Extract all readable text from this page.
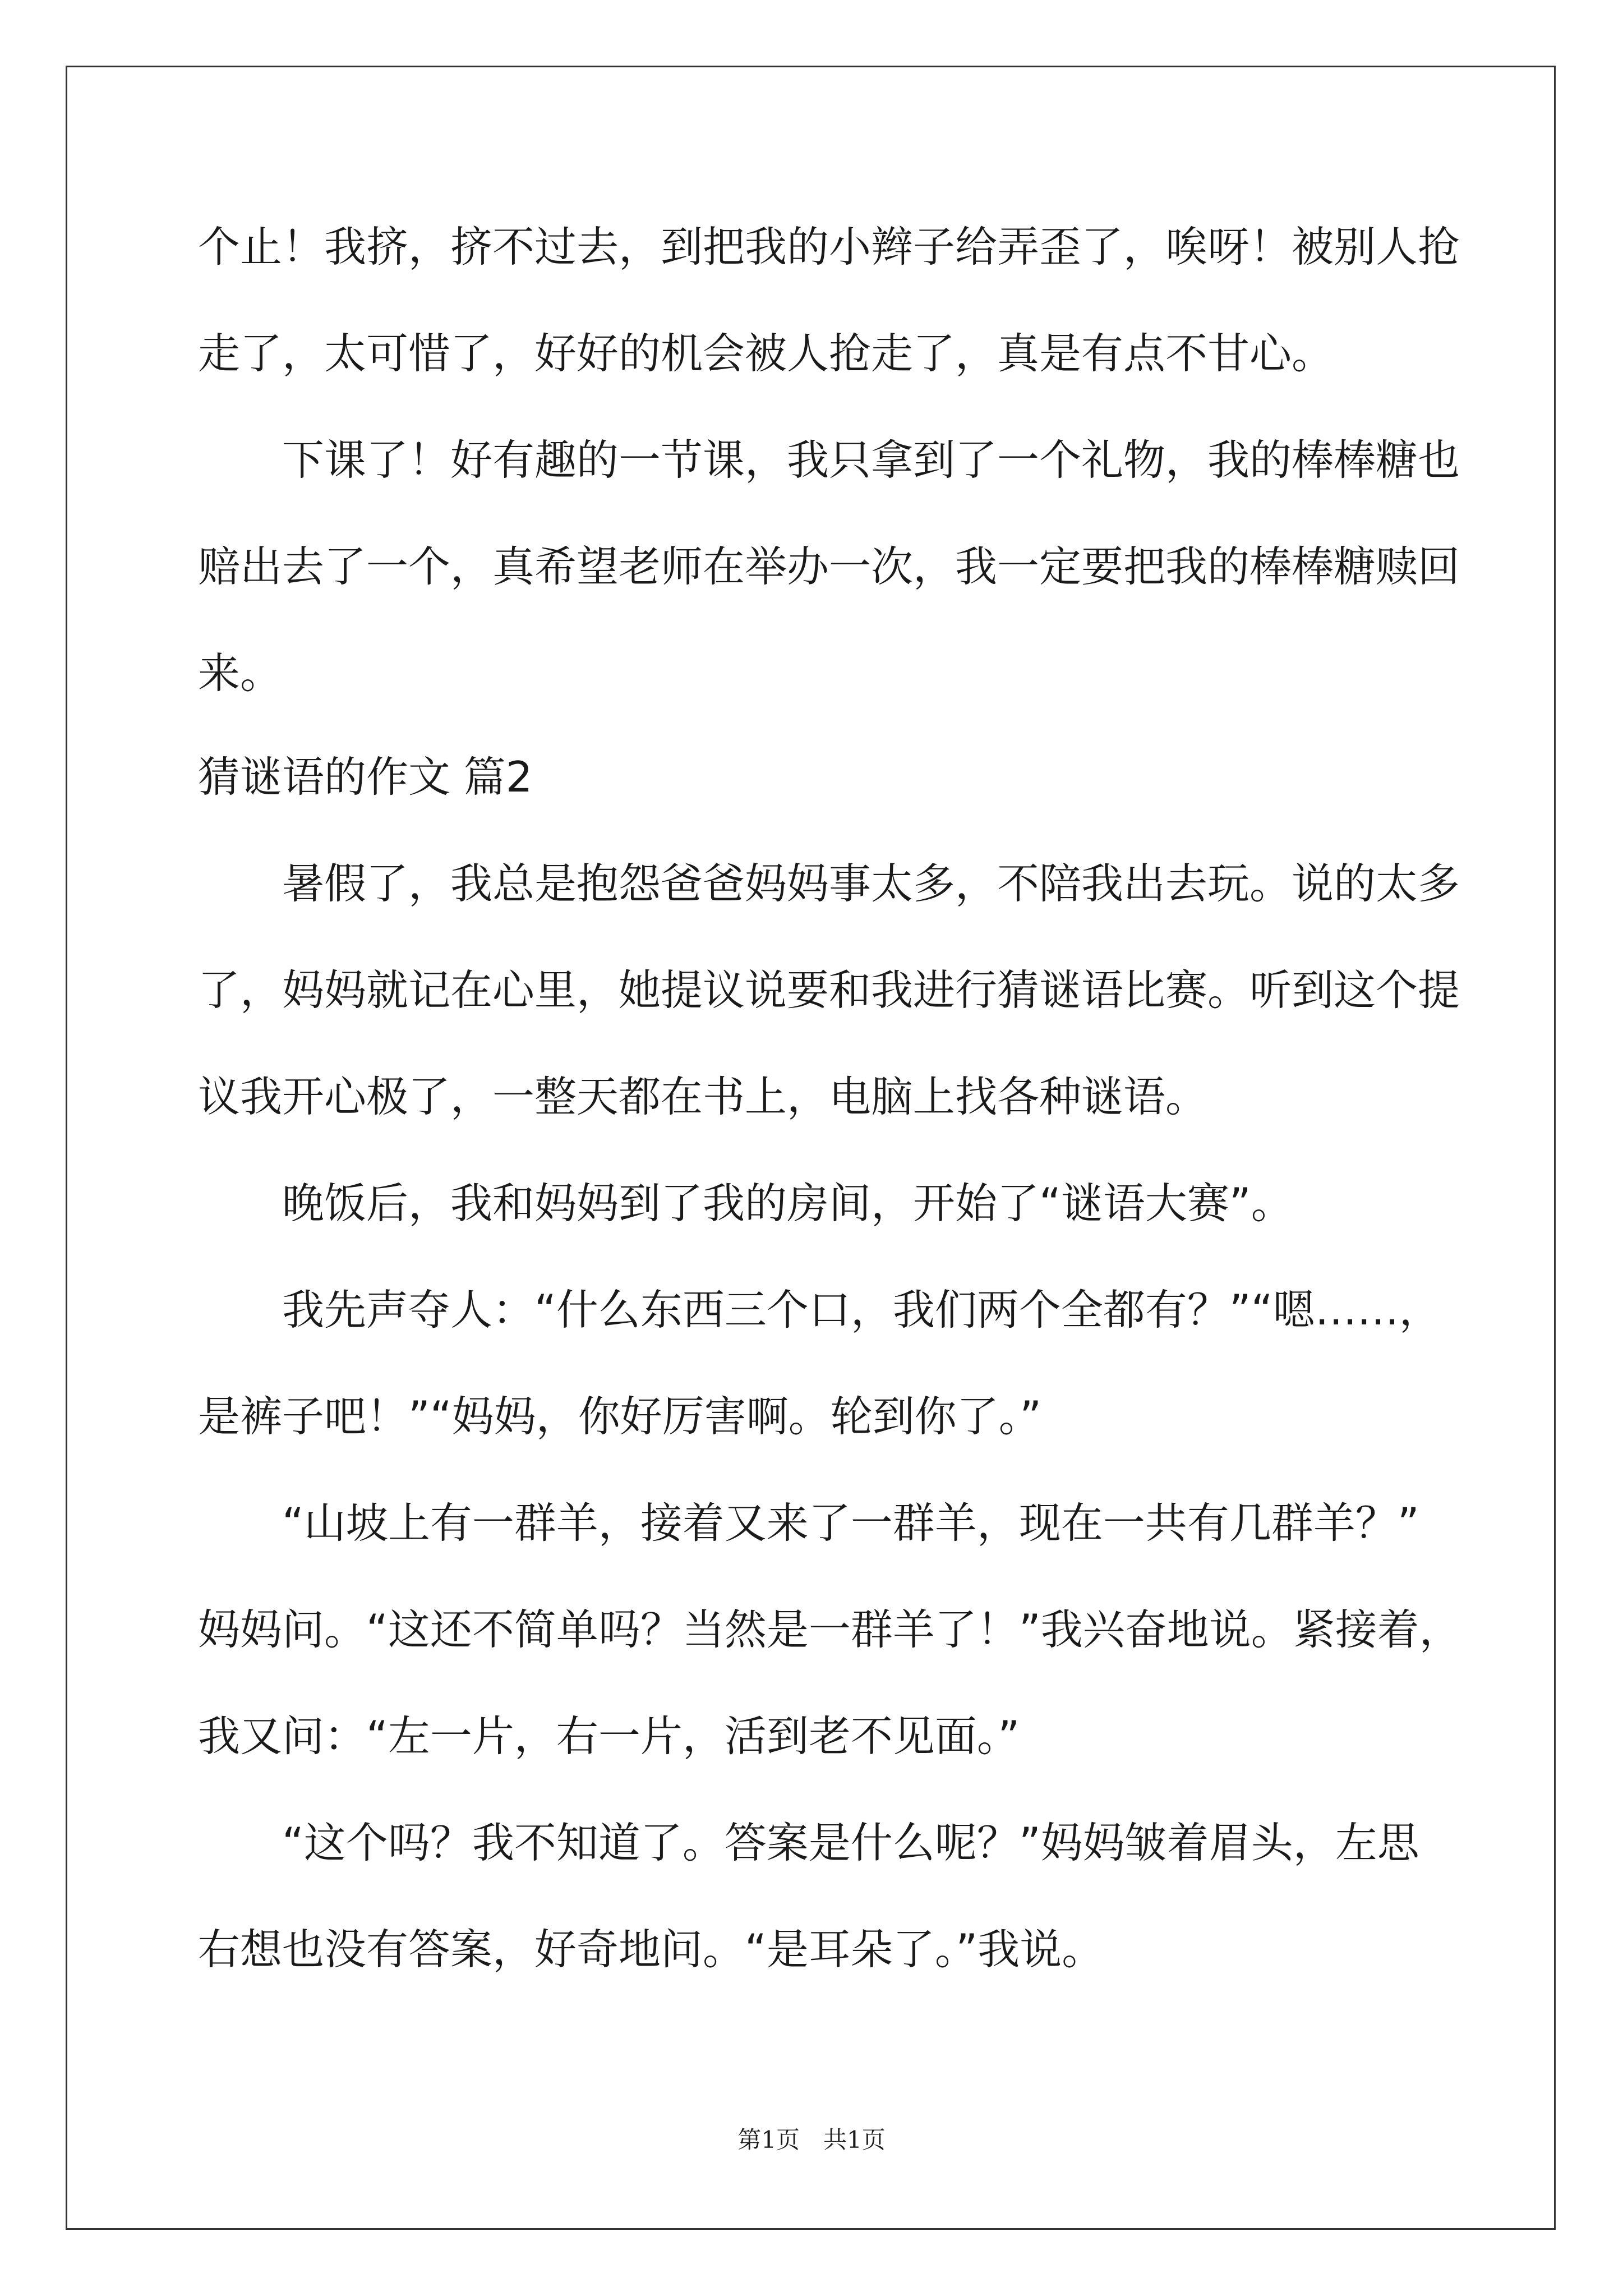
个止！我挤，挤不过去，到把我的小辫子给弄歪了，唉呀！被别人抢
走了，太可惜了，好好的机会被人抢走了，真是有点不甘心。
　　下课了！好有趣的一节课，我只拿到了一个礼物，我的棒棒糖也
赔出去了一个，真希望老师在举办一次，我一定要把我的棒棒糖赎回
来。
猜谜语的作文 篇2
　　暑假了，我总是抱怨爸爸妈妈事太多，不陪我出去玩。说的太多
了，妈妈就记在心里，她提议说要和我进行猜谜语比赛。听到这个提
议我开心极了，一整天都在书上，电脑上找各种谜语。
　　晚饭后，我和妈妈到了我的房间，开始了“谜语大赛”。
　　我先声夺人：“什么东西三个口，我们两个全都有？”“嗯……，
是裤子吧！”“妈妈，你好厉害啊。轮到你了。”
　　“山坡上有一群羊，接着又来了一群羊，现在一共有几群羊？”
妈妈问。“这还不简单吗？当然是一群羊了！”我兴奋地说。紧接着，
我又问：“左一片，右一片，活到老不见面。”
　　“这个吗？我不知道了。答案是什么呢？”妈妈皱着眉头，左思
右想也没有答案，好奇地问。“是耳朵了。”我说。
第1页　共1页
